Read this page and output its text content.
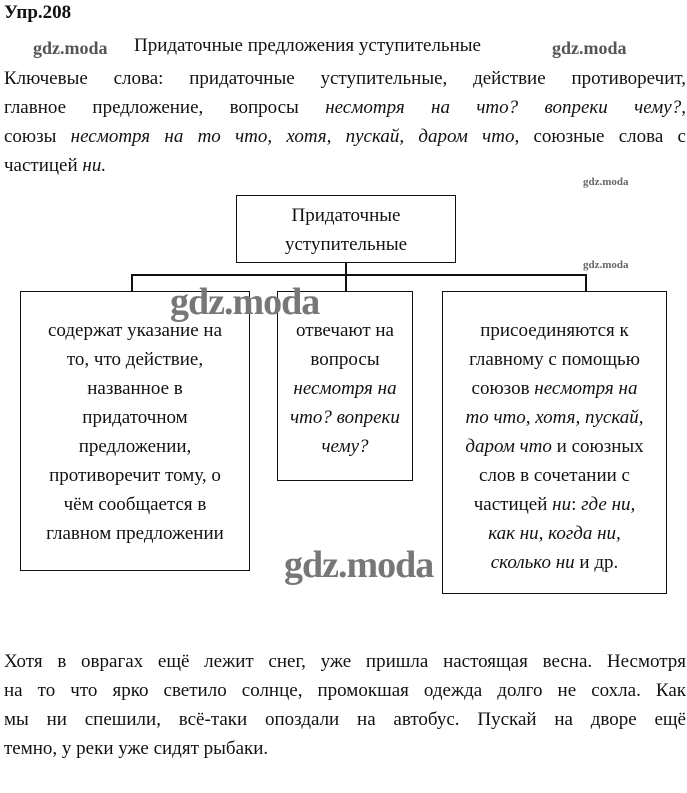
Упр.208
gdz.moda Придаточные предложения уступительные	gdz.moda
Ключевые слова: придаточные уступительные, действие противоречит,
главное предложение, вопросы несмотря на что? вопреки чему?,
союзы несмотря на то что, хотя, пускай, даром что, союзные слова с
частицей ни.
gdz.moda
gdz.moda
Придаточные
уступительные
содержат указание на
то, что действие,
названное в
придаточном
предложении,
противоречит тому, о
чём сообщается в
главном предложении
отвечают на
вопросы
несмотря на
что? вопреки
чему?
присоединяются к
главному с помощью
союзов несмотря на
то что, хотя, пускай,
даром что и союзных
слов в сочетании с
частицей ни: где ни,
как ни, когда ни,
сколько ни и др.
gdz.moda
gdz.moda
Хотя в оврагах ещё лежит снег, уже пришла настоящая весна. Несмотря
на то что ярко светило солнце, промокшая одежда долго не сохла. Как
мы ни спешили, всё-таки опоздали на автобус. Пускай на дворе ещё
темно, у реки уже сидят рыбаки.
